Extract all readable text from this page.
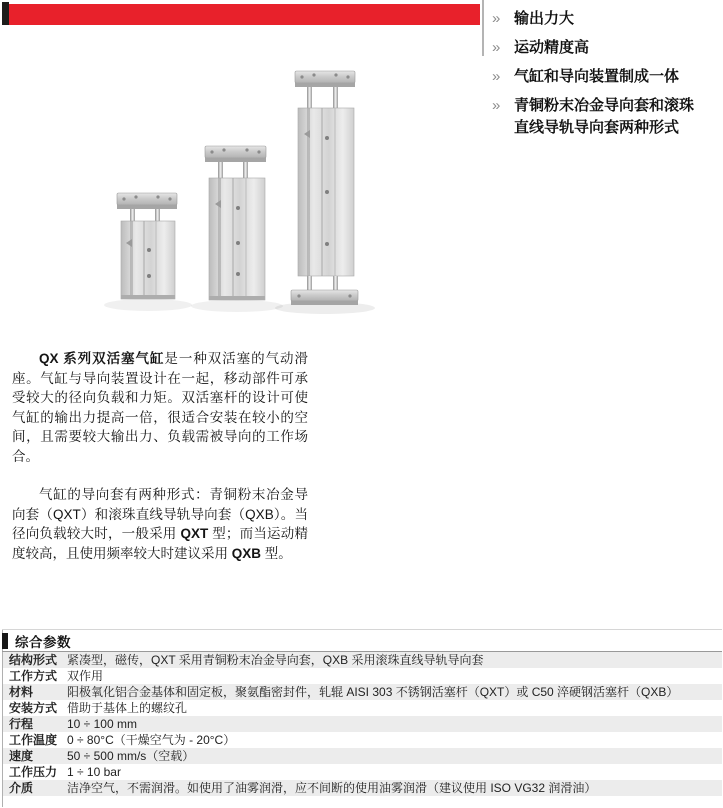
» 输出力大
» 运动精度高
» 气缸和导向装置制成一体
» 青铜粉末冶金导向套和滚珠直线导轨导向套两种形式

QX 系列双活塞气缸是一种双活塞的气动滑座。气缸与导向装置设计在一起，移动部件可承受较大的径向负载和力矩。双活塞杆的设计可使气缸的输出力提高一倍，很适合安装在较小的空间，且需要较大输出力、负载需被导向的工作场合。

气缸的导向套有两种形式：青铜粉末冶金导向套（QXT）和滚珠直线导轨导向套（QXB）。当径向负载较大时，一般采用 QXT 型；而当运动精度较高，且使用频率较大时建议采用 QXB 型。

综合参数
结构形式 紧凑型，磁传，QXT 采用青铜粉末冶金导向套，QXB 采用滚珠直线导轨导向套
工作方式 双作用
材料	阳极氧化铝合金基体和固定板，聚氨酯密封件，轧辊 AISI 303 不锈钢活塞杆（QXT）或 C50 淬硬钢活塞杆（QXB）
安装方式 借助于基体上的螺纹孔
行程	10 ÷ 100 mm
工作温度 0 ÷ 80°C（干燥空气为 - 20°C）
速度	50 ÷ 500 mm/s（空载）
工作压力 1 ÷ 10 bar
介质	洁净空气，不需润滑。如使用了油雾润滑，应不间断的使用油雾润滑（建议使用 ISO VG32 润滑油）
